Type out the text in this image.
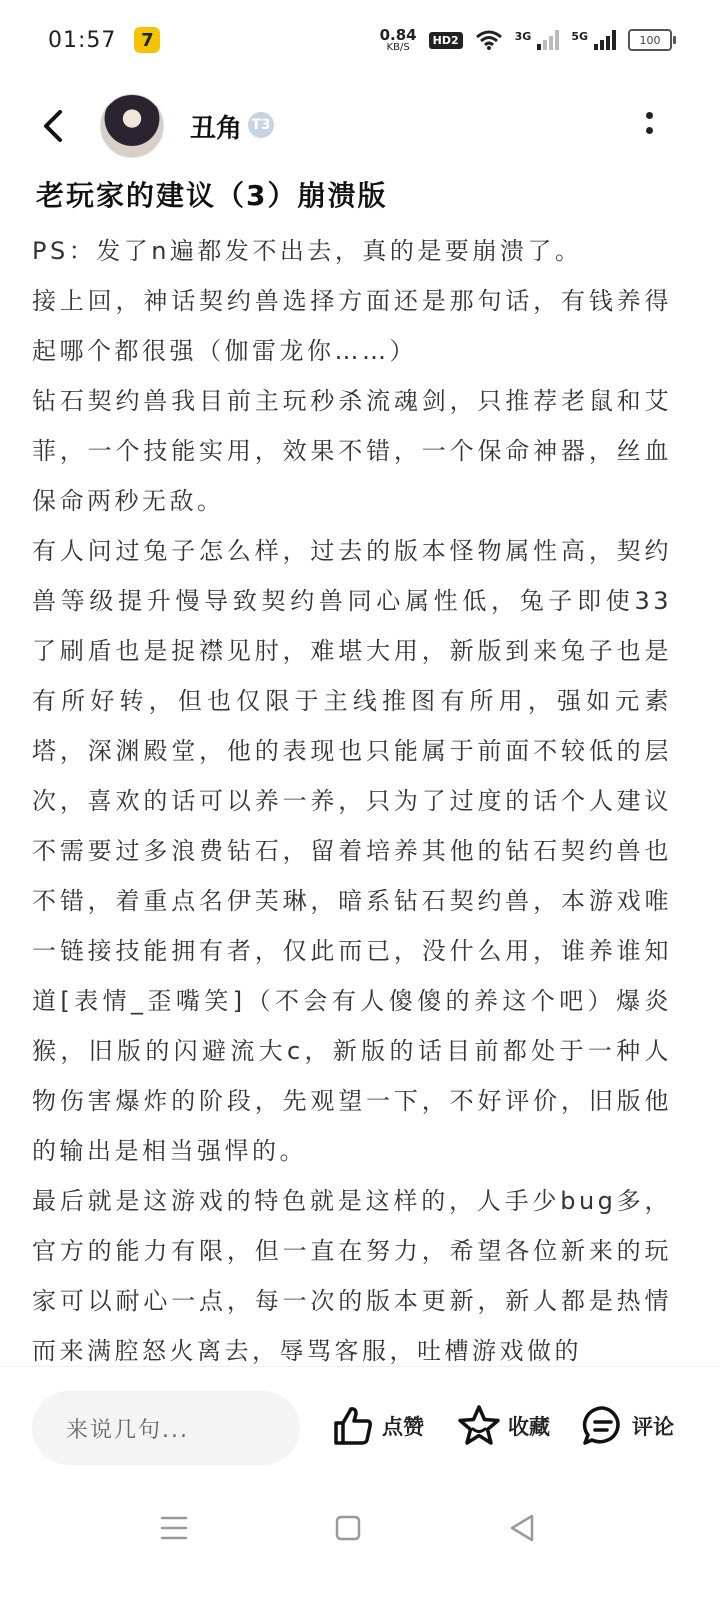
01:57	7	0.84
KB/S
HD2	3G	5G	100
丑角 T3
老玩家的建议（3）崩溃版

PS：发了n遍都发不出去，真的是要崩溃了。

接上回，神话契约兽选择方面还是那句话，有钱养得起哪个都很强（伽雷龙你……）

钻石契约兽我目前主玩秒杀流魂剑，只推荐老鼠和艾菲，一个技能实用，效果不错，一个保命神器，丝血保命两秒无敌。

有人问过兔子怎么样，过去的版本怪物属性高，契约兽等级提升慢导致契约兽同心属性低，兔子即使33了刷盾也是捉襟见肘，难堪大用，新版到来兔子也是有所好转，但也仅限于主线推图有所用，强如元素塔，深渊殿堂，他的表现也只能属于前面不较低的层次，喜欢的话可以养一养，只为了过度的话个人建议不需要过多浪费钻石，留着培养其他的钻石契约兽也不错，着重点名伊芙琳，暗系钻石契约兽，本游戏唯一链接技能拥有者，仅此而已，没什么用，谁养谁知道[表情_歪嘴笑]（不会有人傻傻的养这个吧）爆炎猴，旧版的闪避流大c，新版的话目前都处于一种人物伤害爆炸的阶段，先观望一下，不好评价，旧版他的输出是相当强悍的。

最后就是这游戏的特色就是这样的，人手少bug多，官方的能力有限，但一直在努力，希望各位新来的玩家可以耐心一点，每一次的版本更新，新人都是热情而来满腔怒火离去，辱骂客服，吐槽游戏做的

来说几句...	点赞	收藏	评论
